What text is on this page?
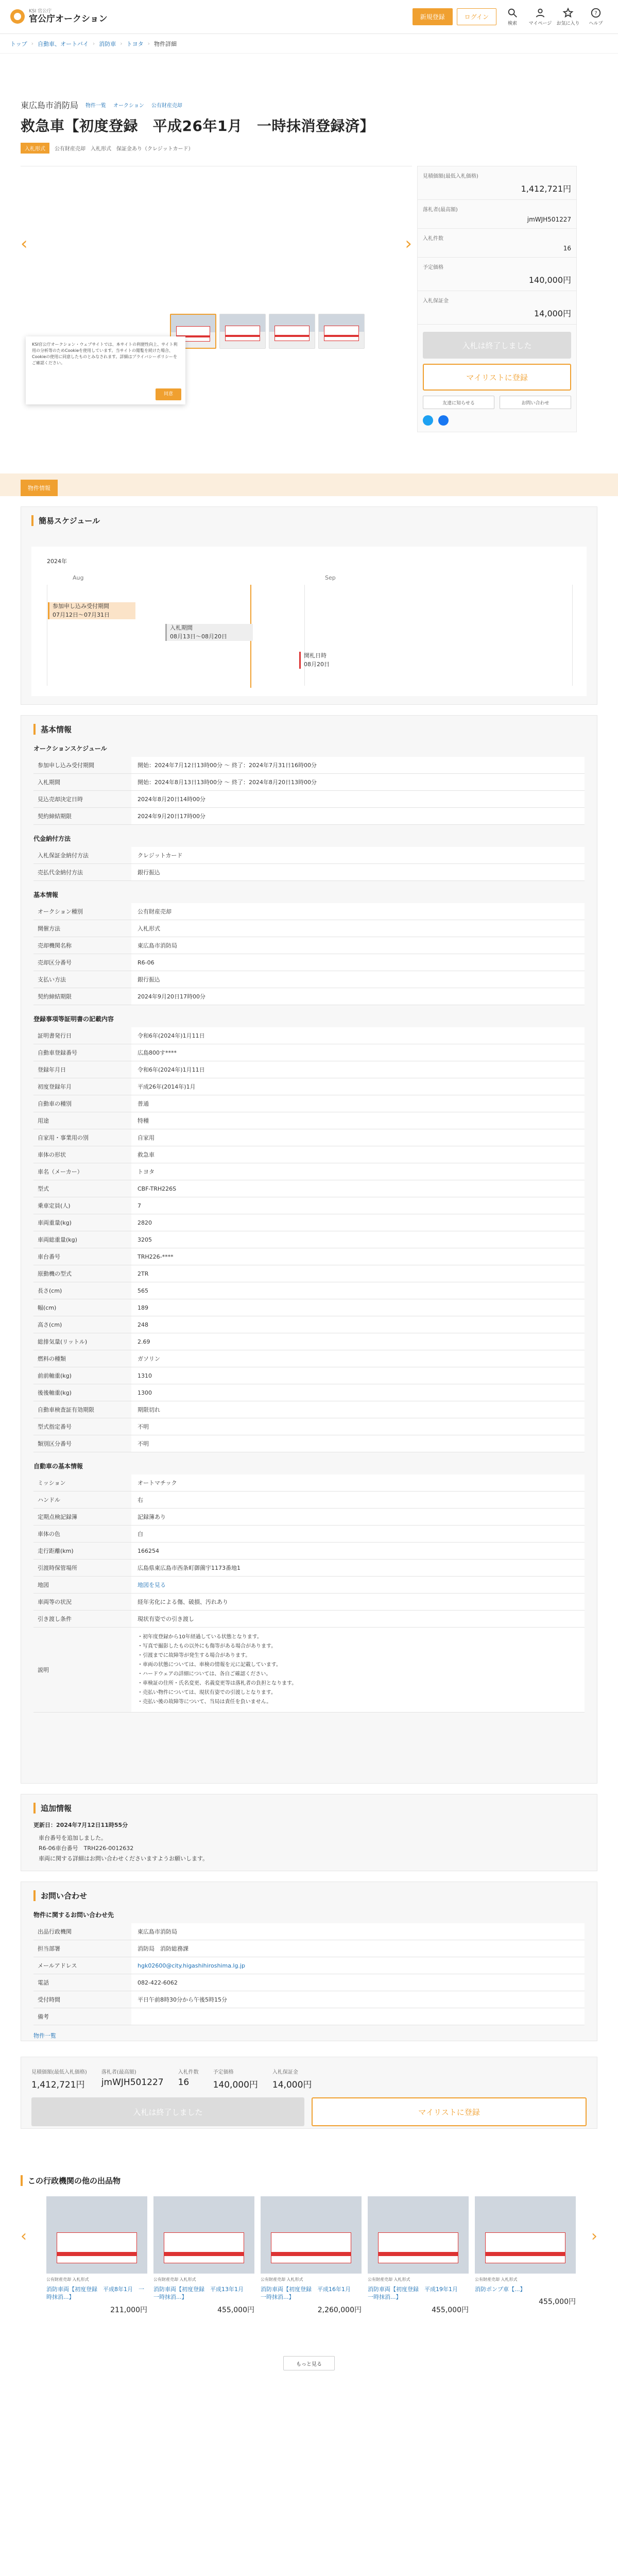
KSI 官公庁
官公庁オークション	新規登録	ログイン
検索	マイページ お気に入り
?
ヘルプ
トップ › 自動車、オートバイ › 消防車 › トヨタ › 物件詳細
東広島市消防局 物件一覧 オークション 公有財産売却
救急車【初度登録　平成26年1月　一時抹消登録済】
入札形式	公有財産売却 入札形式 保証金あり（クレジットカード）
‹	›
KSI官公庁オークション・ウェブサイトでは、本サイトの利便性向上、サイト利用の分析等のためCookieを使用しています。当サイトの閲覧を続けた場合、Cookieの使用に同意したものとみなされます。詳細はプライバシーポリシーをご確認ください。
同意
見積価額(最低入札価格)
1,412,721円
落札者(最高額)
jmWJH501227
入札件数
16
予定価格
140,000円
入札保証金
14,000円
入札は終了しました
マイリストに登録
友達に知らせる	お問い合わせ
物件情報
簡易スケジュール
2024年
Aug	Sep
参加申し込み受付期間
07月12日～07月31日
入札期間
08月13日～08月20日
開札日時
08月20日
基本情報
オークションスケジュール
参加申し込み受付期間	開始：2024年7月12日13時00分 ～ 終了：2024年7月31日16時00分
入札期間	開始：2024年8月13日13時00分 ～ 終了：2024年8月20日13時00分
見込売却決定日時	2024年8月20日14時00分
契約締結期限	2024年9月20日17時00分
代金納付方法
入札保証金納付方法	クレジットカード
売払代金納付方法	銀行振込
基本情報
オークション種別	公有財産売却
開催方法	入札形式
売却機関名称	東広島市消防局
売却区分番号	R6-06
支払い方法	銀行振込
契約締結期限	2024年9月20日17時00分
登録事項等証明書の記載内容
証明書発行日	令和6年(2024年)1月11日
自動車登録番号	広島800す****
登録年月日	令和6年(2024年)1月11日
初度登録年月	平成26年(2014年)1月
自動車の種別	普通
用途	特種
自家用・事業用の別	自家用
車体の形状	救急車
車名（メーカー）	トヨタ
型式	CBF-TRH226S
乗車定員(人)	7
車両重量(kg)	2820
車両総重量(kg)	3205
車台番号	TRH226-****
原動機の型式	2TR
長さ(cm)	565
幅(cm)	189
高さ(cm)	248
総排気量(リットル)	2.69
燃料の種類	ガソリン
前前軸重(kg)	1310
後後軸重(kg)	1300
自動車検査証有効期限	期限切れ
型式指定番号	不明
類別区分番号	不明
自動車の基本情報
ミッション	オートマチック
ハンドル	右
定期点検記録簿	記録簿あり
車体の色	白
走行距離(km)	166254
引渡時保管場所	広島県東広島市西条町御薗宇1173番地1
地図	地図を見る
車両等の状況	経年劣化による傷、破損、汚れあり
引き渡し条件	現状有姿での引き渡し
説明
・初年度登録から10年経過している状態となります。
・写真で撮影したもの以外にも傷等がある場合があります。
・引渡までに故障等が発生する場合があります。
・車両の状態については、車検の情報を元に記載しています。
・ハードウェアの詳細については、各自ご確認ください。
・車検証の住所・氏名変更、名義変更等は落札者の負担となります。
・売払い物件については、現状有姿での引渡しとなります。
・売払い後の故障等について、当局は責任を負いません。
追加情報
更新日：2024年7月12日11時55分
車台番号を追加しました。
R6-06車台番号　TRH226-0012632
車両に関する詳細はお問い合わせくださいますようお願いします。
お問い合わせ
物件に関するお問い合わせ先
出品行政機関	東広島市消防局
担当部署	消防局　消防総務課
メールアドレス	hgk02600@city.higashihiroshima.lg.jp
電話	082-422-6062
受付時間	平日午前8時30分から午後5時15分
備考
物件一覧
見積価額(最低入札価格)
1,412,721円
落札者(最高額)
jmWJH501227
入札件数
16
予定価格
140,000円
入札保証金
14,000円
入札は終了しました	マイリストに登録
この行政機関の他の出品物
‹	›
公有財産売却 入札形式
消防車両【初度登録　平成8年1月　一時抹消...】
211,000円
公有財産売却 入札形式
消防車両【初度登録　平成13年1月　一時抹消...】
455,000円
公有財産売却 入札形式
消防車両【初度登録　平成16年1月　一時抹消...】
2,260,000円
公有財産売却 入札形式
消防車両【初度登録　平成19年1月　一時抹消...】
455,000円
公有財産売却 入札形式
消防ポンプ車【...】
455,000円
もっと見る
